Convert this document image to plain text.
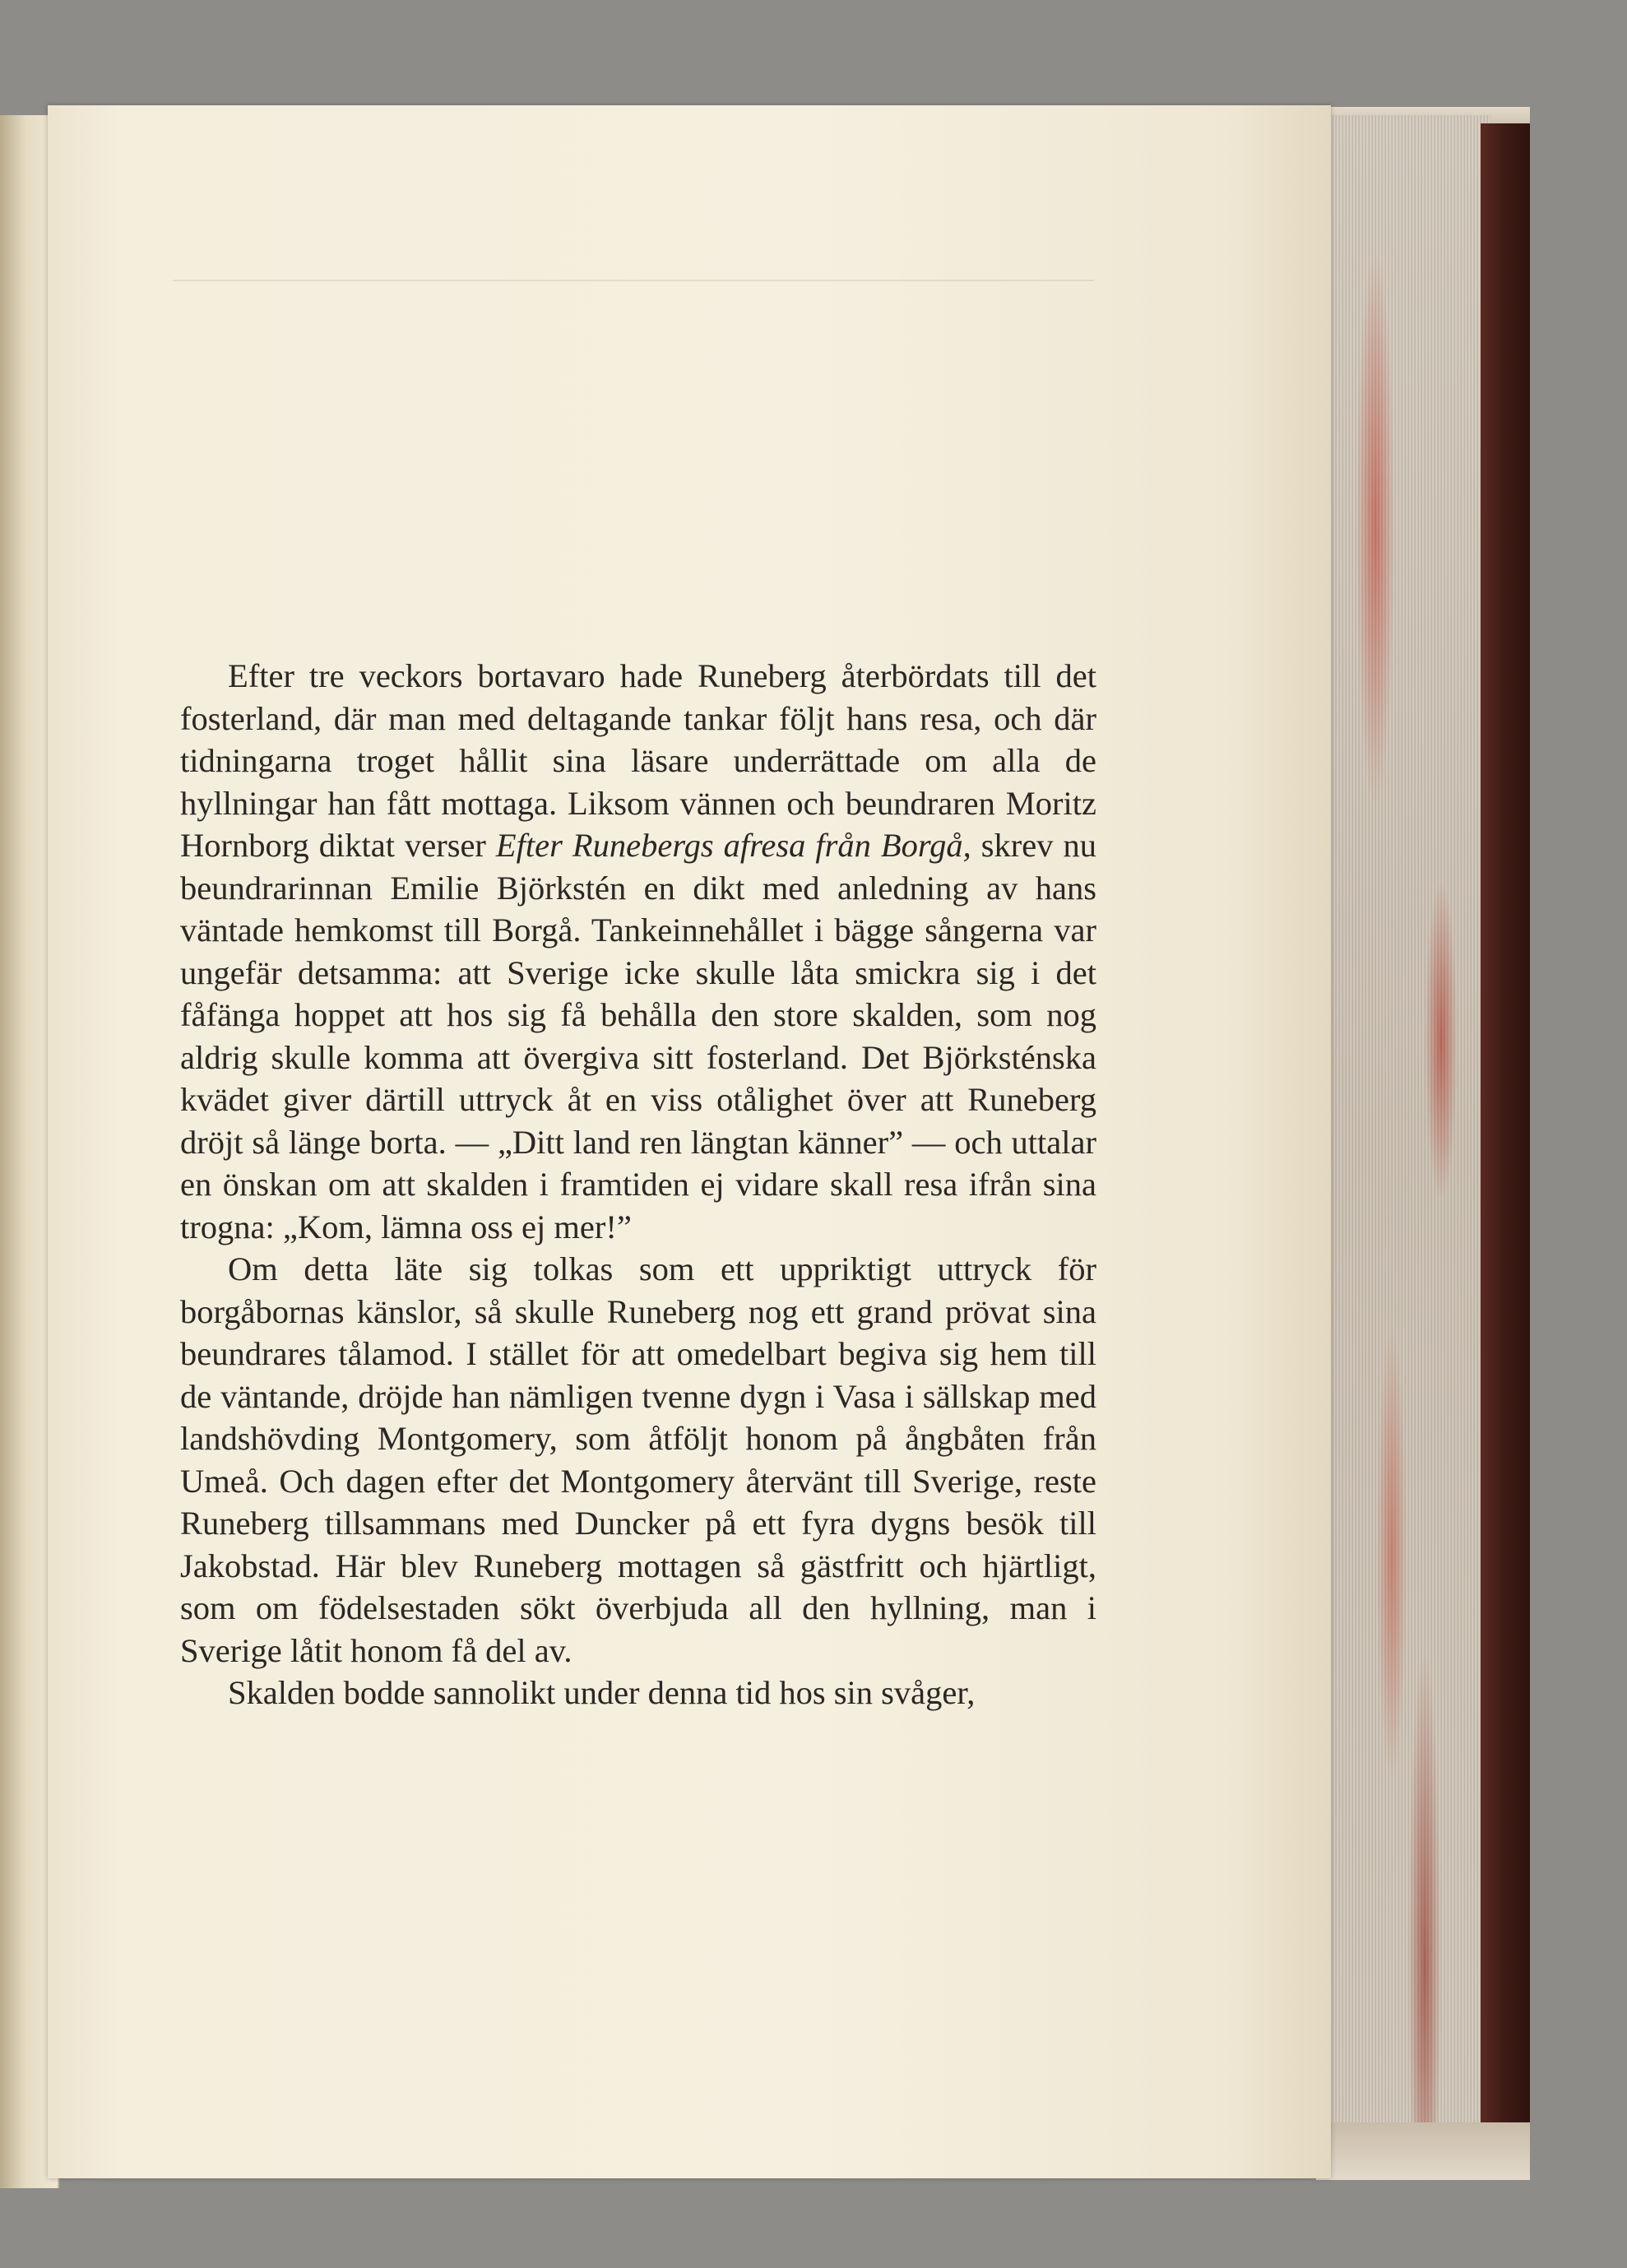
Efter tre veckors bortavaro hade Runeberg återbördats till det fosterland, där man med deltagande tankar följt hans resa, och där tidningarna troget hållit sina läsare underrättade om alla de hyllningar han fått mottaga. Liksom vännen och beundraren Moritz Hornborg diktat verser Efter Runebergs afresa från Borgå, skrev nu beundrarinnan Emilie Björkstén en dikt med anledning av hans väntade hemkomst till Borgå. Tankeinnehållet i bägge sångerna var ungefär detsamma: att Sverige icke skulle låta smickra sig i det fåfänga hoppet att hos sig få behålla den store skalden, som nog aldrig skulle komma att övergiva sitt fosterland. Det Björksténska kvädet giver därtill uttryck åt en viss otålighet över att Runeberg dröjt så länge borta. — „Ditt land ren längtan känner” — och uttalar en önskan om att skalden i framtiden ej vidare skall resa ifrån sina trogna: „Kom, lämna oss ej mer!”

Om detta läte sig tolkas som ett uppriktigt uttryck för borgåbornas känslor, så skulle Runeberg nog ett grand prövat sina beundrares tålamod. I stället för att omedelbart begiva sig hem till de väntande, dröjde han nämligen tvenne dygn i Vasa i sällskap med landshövding Montgomery, som åtföljt honom på ångbåten från Umeå. Och dagen efter det Montgomery återvänt till Sverige, reste Runeberg tillsammans med Duncker på ett fyra dygns besök till Jakobstad. Här blev Runeberg mottagen så gästfritt och hjärtligt, som om födelsestaden sökt överbjuda all den hyllning, man i Sverige låtit honom få del av.

Skalden bodde sannolikt under denna tid hos sin svåger,
